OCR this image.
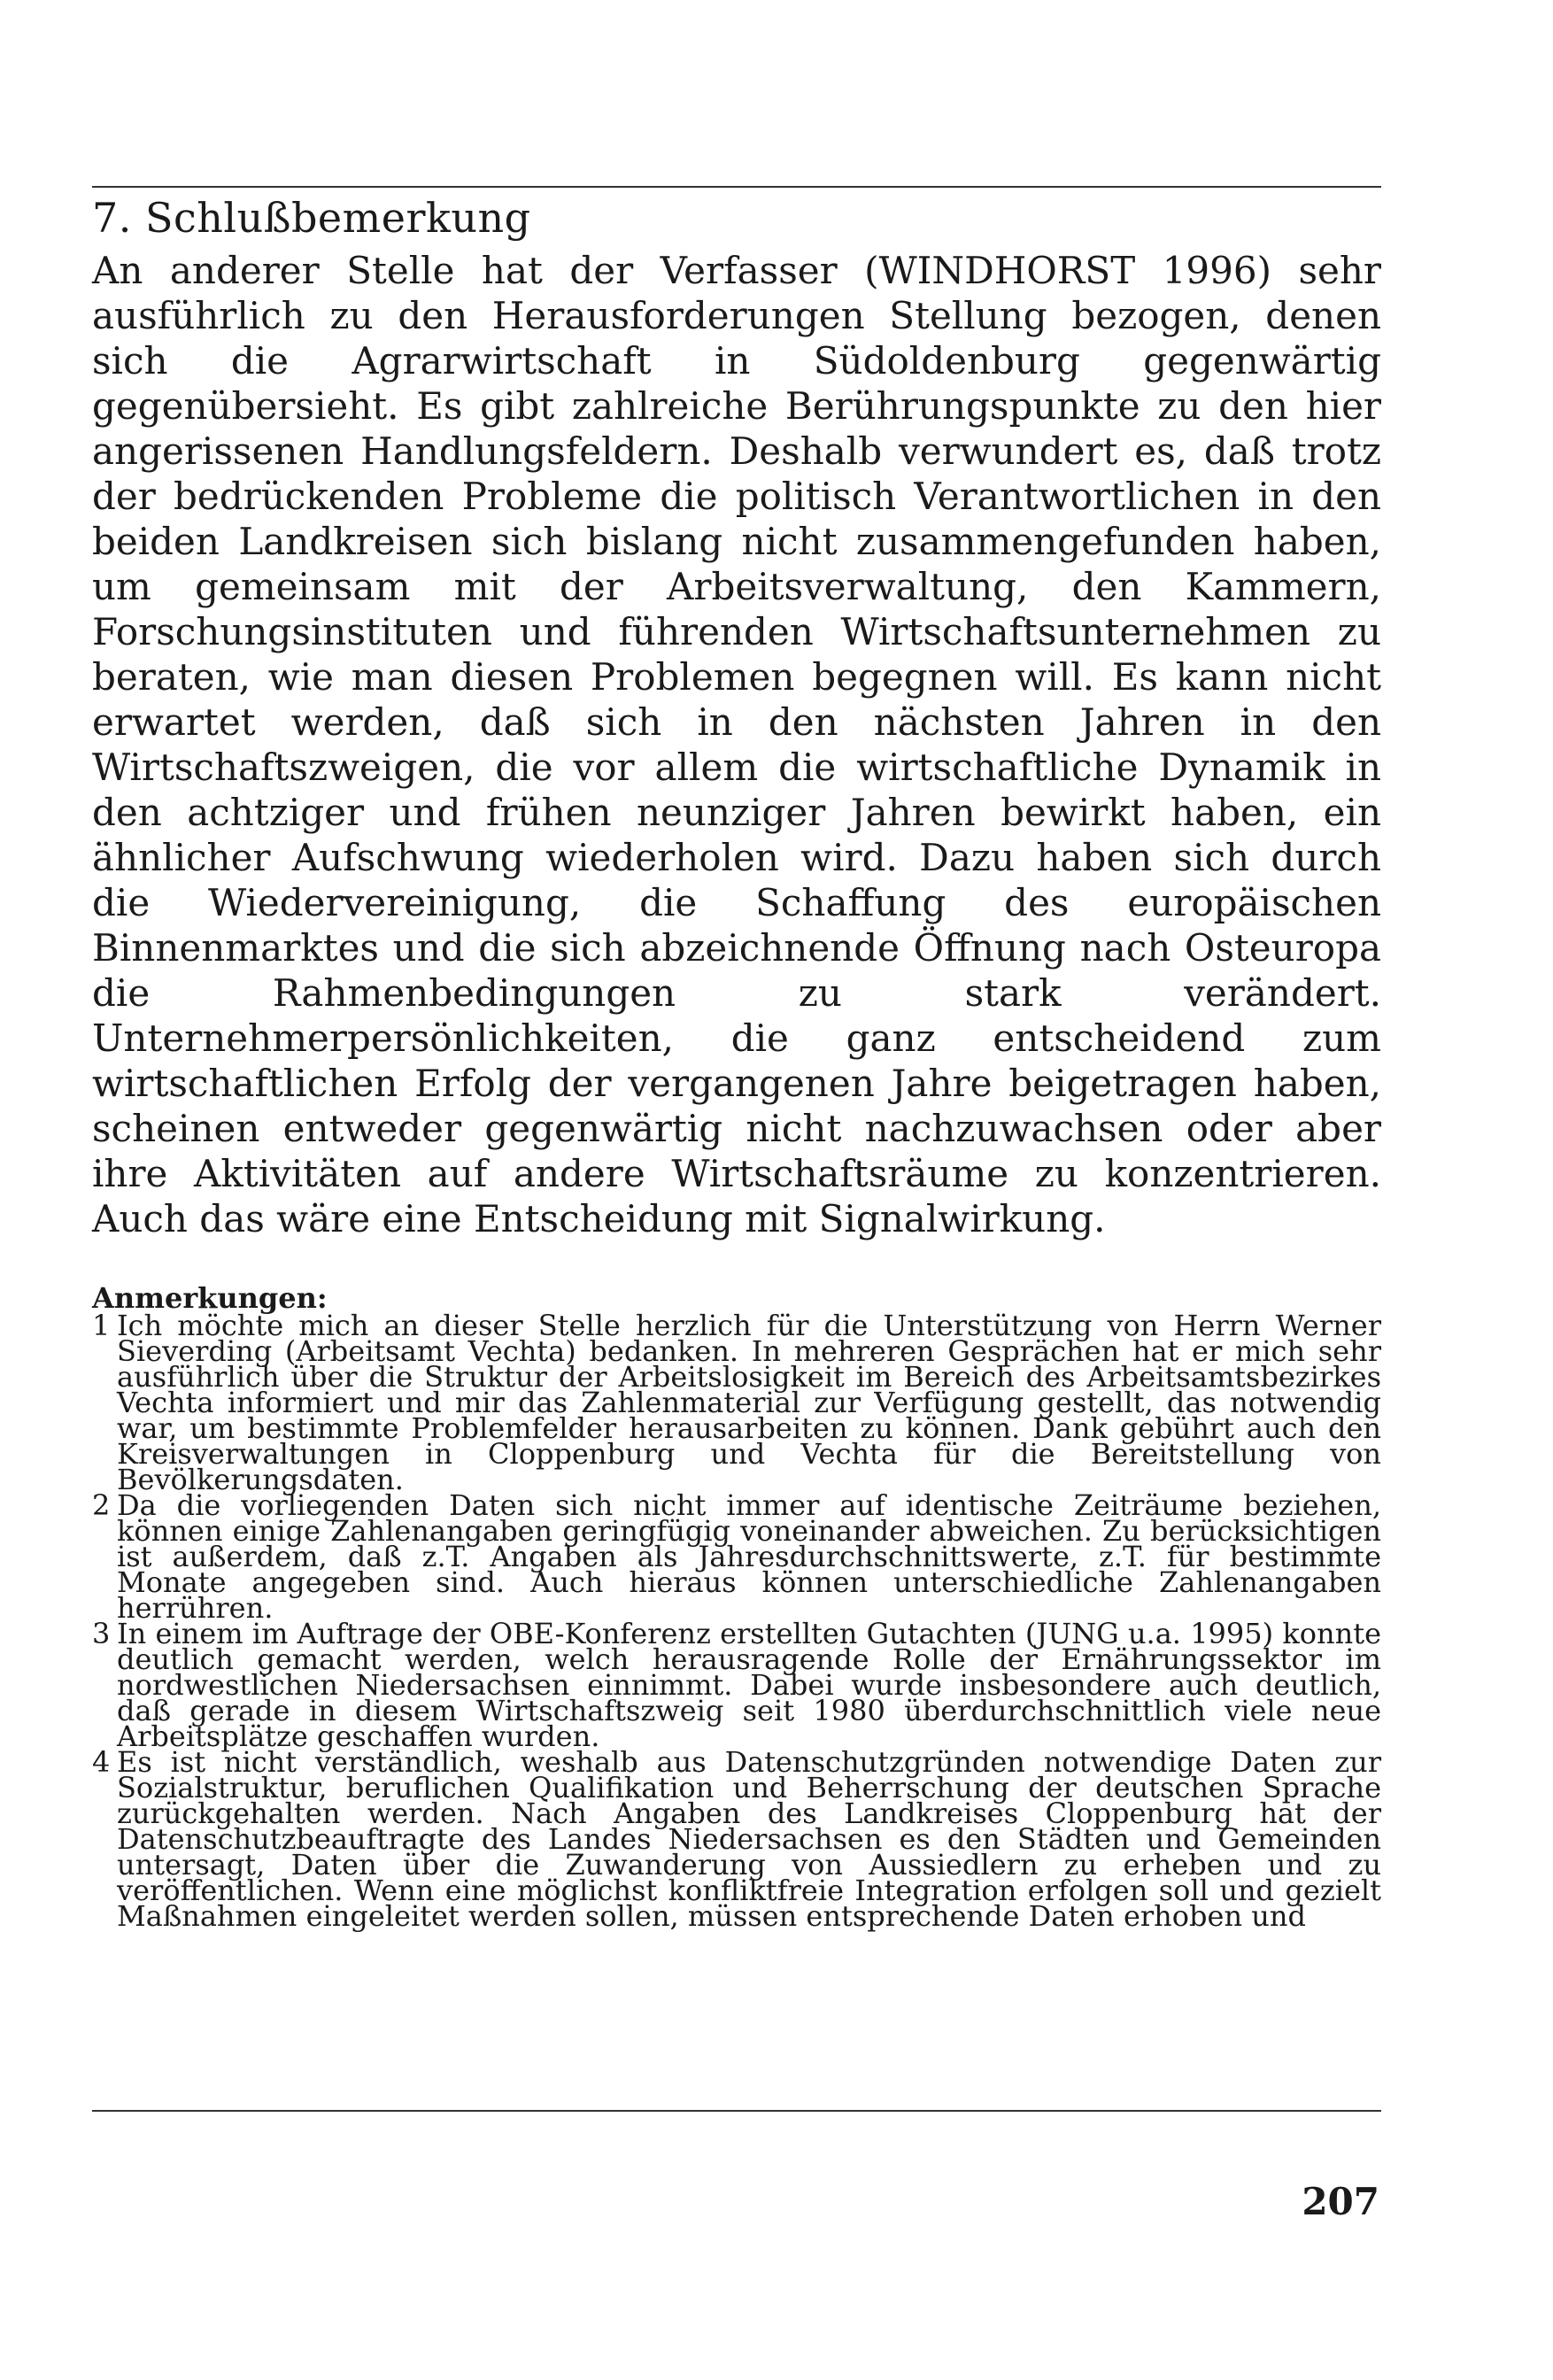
7. Schlußbemerkung

An anderer Stelle hat der Verfasser (WINDHORST 1996) sehr ausführlich zu den Herausforderungen Stellung bezogen, denen sich die Agrarwirtschaft in Südoldenburg gegenwärtig gegenübersieht. Es gibt zahlreiche Berührungspunkte zu den hier angerissenen Handlungsfeldern. Deshalb verwundert es, daß trotz der bedrückenden Probleme die politisch Verantwortlichen in den beiden Landkreisen sich bislang nicht zusammengefunden haben, um gemeinsam mit der Arbeitsverwaltung, den Kammern, Forschungsinstituten und führenden Wirtschaftsunternehmen zu beraten, wie man diesen Problemen begegnen will. Es kann nicht erwartet werden, daß sich in den nächsten Jahren in den Wirtschaftszweigen, die vor allem die wirtschaftliche Dynamik in den achtziger und frühen neunziger Jahren bewirkt haben, ein ähnlicher Aufschwung wiederholen wird. Dazu haben sich durch die Wiedervereinigung, die Schaffung des europäischen Binnenmarktes und die sich abzeichnende Öffnung nach Osteuropa die Rahmenbedingungen zu stark verändert. Unternehmerpersönlichkeiten, die ganz entscheidend zum wirtschaftlichen Erfolg der vergangenen Jahre beigetragen haben, scheinen entweder gegenwärtig nicht nachzuwachsen oder aber ihre Aktivitäten auf andere Wirtschaftsräume zu konzentrieren. Auch das wäre eine Entscheidung mit Signalwirkung.

Anmerkungen:

1 Ich möchte mich an dieser Stelle herzlich für die Unterstützung von Herrn Werner Sieverding (Arbeitsamt Vechta) bedanken. In mehreren Gesprächen hat er mich sehr ausführlich über die Struktur der Arbeitslosigkeit im Bereich des Arbeitsamtsbezirkes Vechta informiert und mir das Zahlenmaterial zur Verfügung gestellt, das notwendig war, um bestimmte Problemfelder herausarbeiten zu können. Dank gebührt auch den Kreisverwaltungen in Cloppenburg und Vechta für die Bereitstellung von Bevölkerungsdaten.

2 Da die vorliegenden Daten sich nicht immer auf identische Zeiträume beziehen, können einige Zahlenangaben geringfügig voneinander abweichen. Zu berücksichtigen ist außerdem, daß z.T. Angaben als Jahresdurchschnittswerte, z.T. für bestimmte Monate angegeben sind. Auch hieraus können unterschiedliche Zahlenangaben herrühren.

3 In einem im Auftrage der OBE-Konferenz erstellten Gutachten (JUNG u.a. 1995) konnte deutlich gemacht werden, welch herausragende Rolle der Ernährungssektor im nordwestlichen Niedersachsen einnimmt. Dabei wurde insbesondere auch deutlich, daß gerade in diesem Wirtschaftszweig seit 1980 überdurchschnittlich viele neue Arbeitsplätze geschaffen wurden.

4 Es ist nicht verständlich, weshalb aus Datenschutzgründen notwendige Daten zur Sozialstruktur, beruflichen Qualifikation und Beherrschung der deutschen Sprache zurückgehalten werden. Nach Angaben des Landkreises Cloppenburg hat der Datenschutzbeauftragte des Landes Niedersachsen es den Städten und Gemeinden untersagt, Daten über die Zuwanderung von Aussiedlern zu erheben und zu veröffentlichen. Wenn eine möglichst konfliktfreie Integration erfolgen soll und gezielt Maßnahmen eingeleitet werden sollen, müssen entsprechende Daten erhoben und

207
